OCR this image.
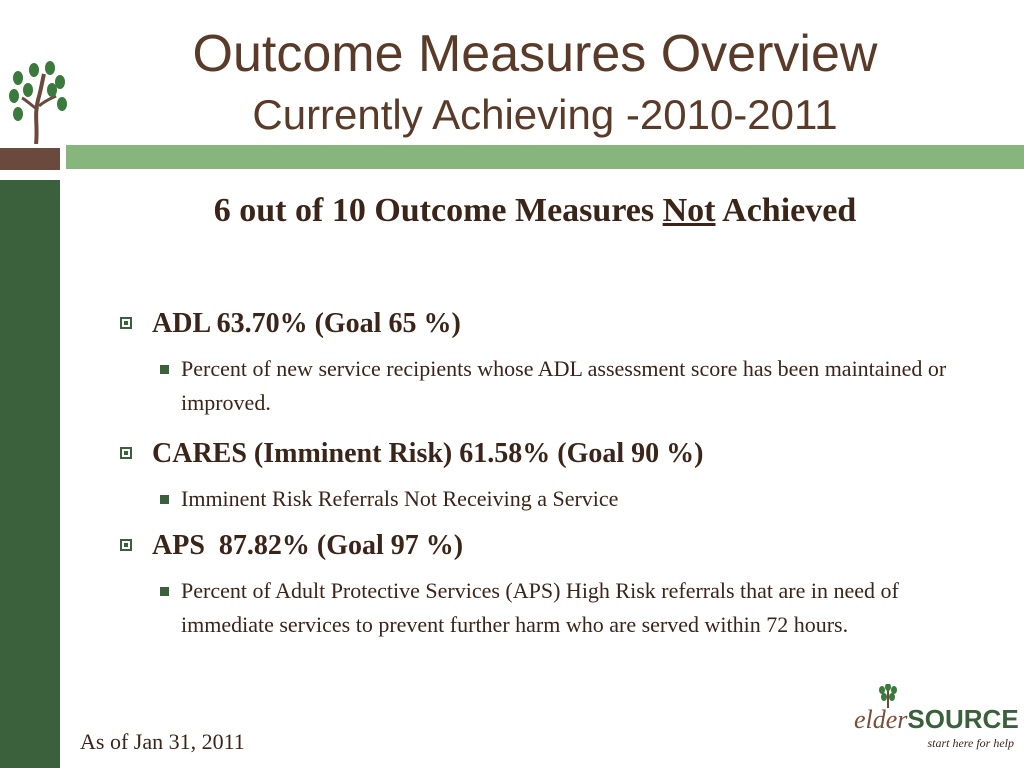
Outcome Measures Overview
Currently Achieving -2010-2011
6 out of 10 Outcome Measures Not Achieved
ADL 63.70% (Goal 65 %)
Percent of new service recipients whose ADL assessment score has been maintained or improved.
CARES (Imminent Risk) 61.58% (Goal 90 %)
Imminent Risk Referrals Not Receiving a Service
APS  87.82% (Goal 97 %)
Percent of Adult Protective Services (APS) High Risk referrals that are in need of immediate services to prevent further harm who are served within 72 hours.
As of Jan 31, 2011
elderSOURCE
start here for help
